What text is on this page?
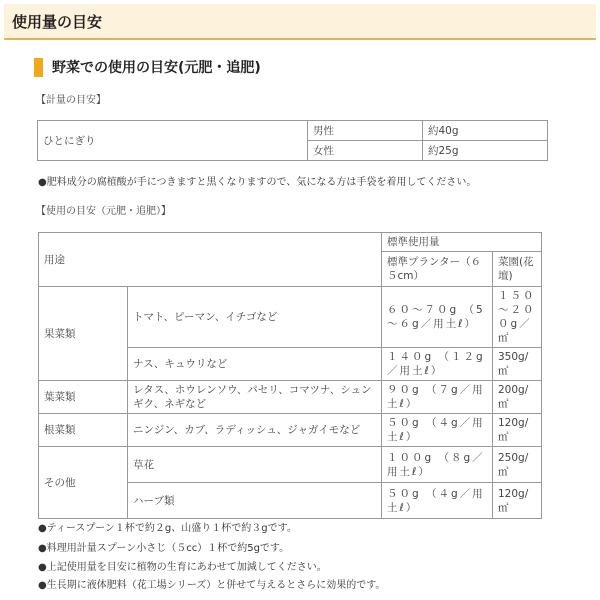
使用量の目安
野菜での使用の目安(元肥・追肥)
【計量の目安】
ひとにぎり	男性	約40g
	女性	約25g
●肥料成分の腐植酸が手につきますと黒くなりますので、気になる方は手袋を着用してください。
【使用の目安（元肥・追肥）】
用途		標準使用量	
		標準プランター（６５cm）	菜園(花壇)
果菜類	トマト、ピーマン、イチゴなど	６０～７０g （5～６g／用土ℓ）	１５０～２００g／㎡
	ナス、キュウリなど	１４０g （１２g／用土ℓ）	350g/㎡
葉菜類	レタス、ホウレンソウ、パセリ、コマツナ、シュンギク、ネギなど	９０g （７g／用土ℓ）	200g/㎡
根菜類	ニンジン、カブ、ラディッシュ、ジャガイモなど	５０g （４g／用土ℓ）	120g/㎡
その他	草花	１００g （８g／用土ℓ）	250g/㎡
	ハーブ類	５０g （４g／用土ℓ）	120g/㎡
●ティースプーン１杯で約２g、山盛り１杯で約３gです。
●料理用計量スプーン小さじ（５cc）１杯で約5gです。
●上記使用量を目安に植物の生育にあわせて加減してください。
●生長期に液体肥料（花工場シリーズ）と併せて与えるとさらに効果的です。
